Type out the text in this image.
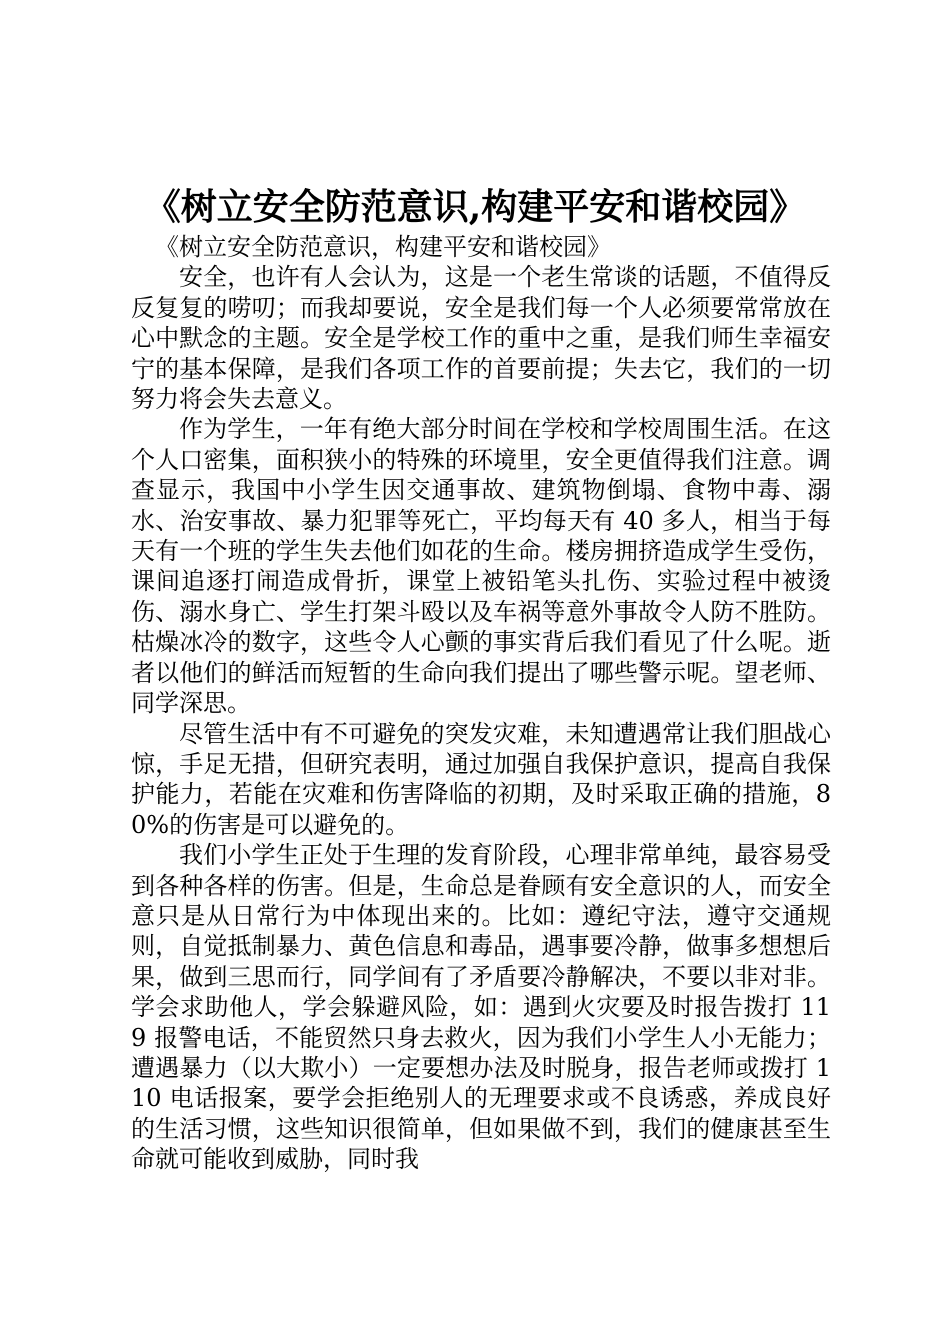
《树立安全防范意识,构建平安和谐校园》

《树立安全防范意识，构建平安和谐校园》

安全，也许有人会认为，这是一个老生常谈的话题，不值得反反复复的唠叨；而我却要说，安全是我们每一个人必须要常常放在心中默念的主题。安全是学校工作的重中之重，是我们师生幸福安宁的基本保障，是我们各项工作的首要前提；失去它，我们的一切努力将会失去意义。

作为学生，一年有绝大部分时间在学校和学校周围生活。在这个人口密集，面积狭小的特殊的环境里，安全更值得我们注意。调查显示，我国中小学生因交通事故、建筑物倒塌、食物中毒、溺水、治安事故、暴力犯罪等死亡，平均每天有 40 多人，相当于每天有一个班的学生失去他们如花的生命。楼房拥挤造成学生受伤，课间追逐打闹造成骨折，课堂上被铅笔头扎伤、实验过程中被烫伤、溺水身亡、学生打架斗殴以及车祸等意外事故令人防不胜防。枯燥冰冷的数字，这些令人心颤的事实背后我们看见了什么呢。逝者以他们的鲜活而短暂的生命向我们提出了哪些警示呢。望老师、同学深思。

尽管生活中有不可避免的突发灾难，未知遭遇常让我们胆战心惊，手足无措，但研究表明，通过加强自我保护意识，提高自我保护能力，若能在灾难和伤害降临的初期，及时采取正确的措施，80%的伤害是可以避免的。

我们小学生正处于生理的发育阶段，心理非常单纯，最容易受到各种各样的伤害。但是，生命总是眷顾有安全意识的人，而安全意只是从日常行为中体现出来的。比如：遵纪守法，遵守交通规则，自觉抵制暴力、黄色信息和毒品，遇事要冷静，做事多想想后果，做到三思而行，同学间有了矛盾要冷静解决，不要以非对非。学会求助他人，学会躲避风险，如：遇到火灾要及时报告拨打 119 报警电话，不能贸然只身去救火，因为我们小学生人小无能力；遭遇暴力（以大欺小）一定要想办法及时脱身，报告老师或拨打 110 电话报案，要学会拒绝别人的无理要求或不良诱惑，养成良好的生活习惯，这些知识很简单，但如果做不到，我们的健康甚至生命就可能收到威胁，同时我
